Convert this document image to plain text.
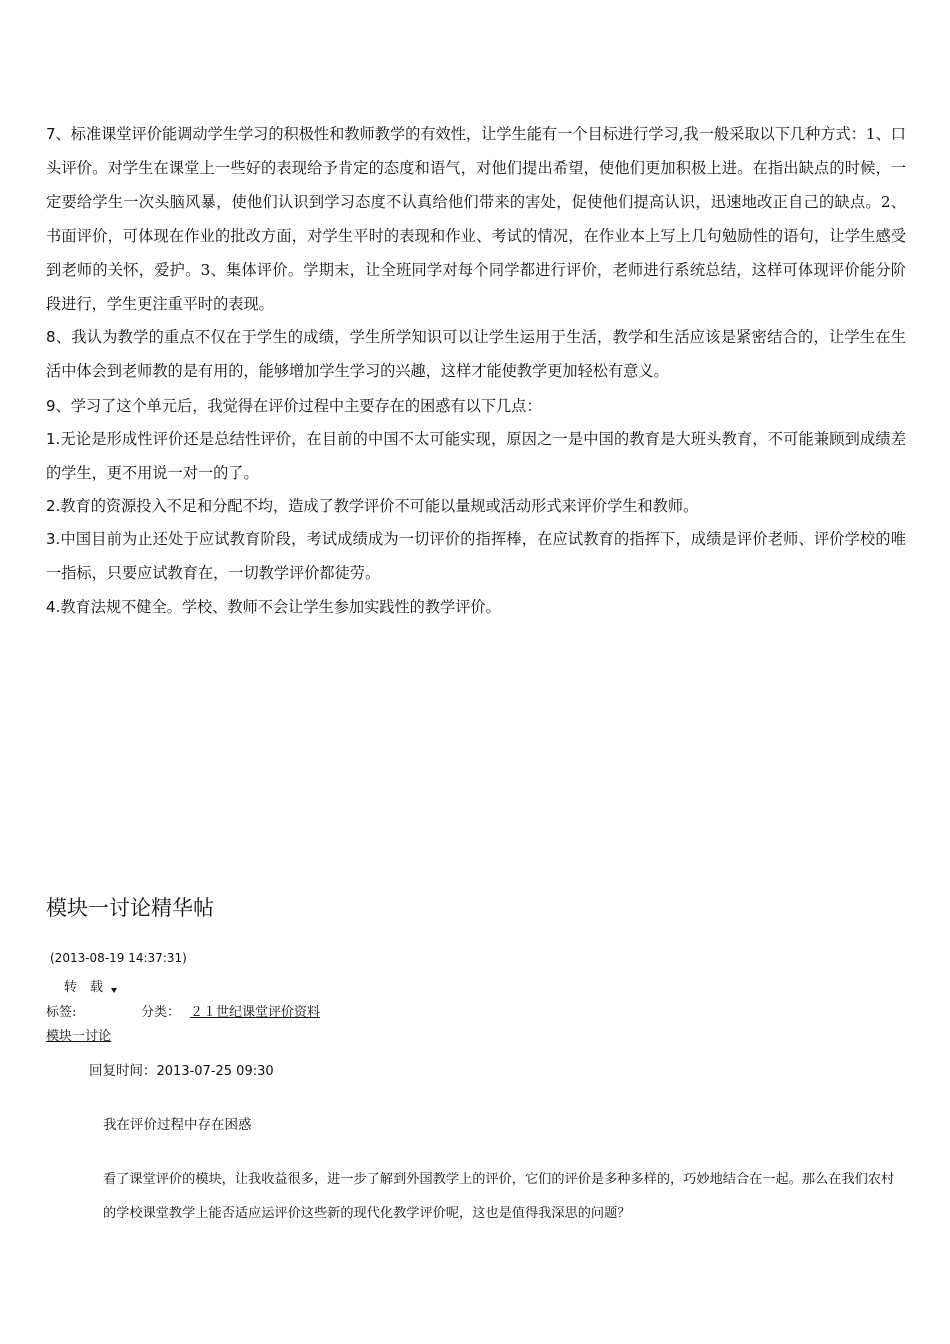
7、标准课堂评价能调动学生学习的积极性和教师教学的有效性，让学生能有一个目标进行学习,我一般采取以下几种方式：1、口头评价。对学生在课堂上一些好的表现给予肯定的态度和语气，对他们提出希望，使他们更加积极上进。在指出缺点的时候，一定要给学生一次头脑风暴，使他们认识到学习态度不认真给他们带来的害处，促使他们提高认识，迅速地改正自己的缺点。2、书面评价，可体现在作业的批改方面，对学生平时的表现和作业、考试的情况，在作业本上写上几句勉励性的语句，让学生感受到老师的关怀，爱护。3、集体评价。学期末，让全班同学对每个同学都进行评价，老师进行系统总结，这样可体现评价能分阶段进行，学生更注重平时的表现。
8、我认为教学的重点不仅在于学生的成绩，学生所学知识可以让学生运用于生活，教学和生活应该是紧密结合的，让学生在生活中体会到老师教的是有用的，能够增加学生学习的兴趣，这样才能使教学更加轻松有意义。
9、学习了这个单元后，我觉得在评价过程中主要存在的困惑有以下几点：
1.无论是形成性评价还是总结性评价，在目前的中国不太可能实现，原因之一是中国的教育是大班头教育，不可能兼顾到成绩差的学生，更不用说一对一的了。
2.教育的资源投入不足和分配不均，造成了教学评价不可能以量规或活动形式来评价学生和教师。
3.中国目前为止还处于应试教育阶段，考试成绩成为一切评价的指挥棒，在应试教育的指挥下，成绩是评价老师、评价学校的唯一指标，只要应试教育在，一切教学评价都徒劳。
4.教育法规不健全。学校、教师不会让学生参加实践性的教学评价。
模块一讨论精华帖
(2013-08-19 14:37:31)
转　载
标签:	分类： ２１世纪课堂评价资料
模块一讨论
回复时间：2013-07-25 09:30
我在评价过程中存在困惑
看了课堂评价的模块，让我收益很多，进一步了解到外国教学上的评价，它们的评价是多种多样的，巧妙地结合在一起。那么在我们农村的学校课堂教学上能否适应运评价这些新的现代化教学评价呢，这也是值得我深思的问题？
